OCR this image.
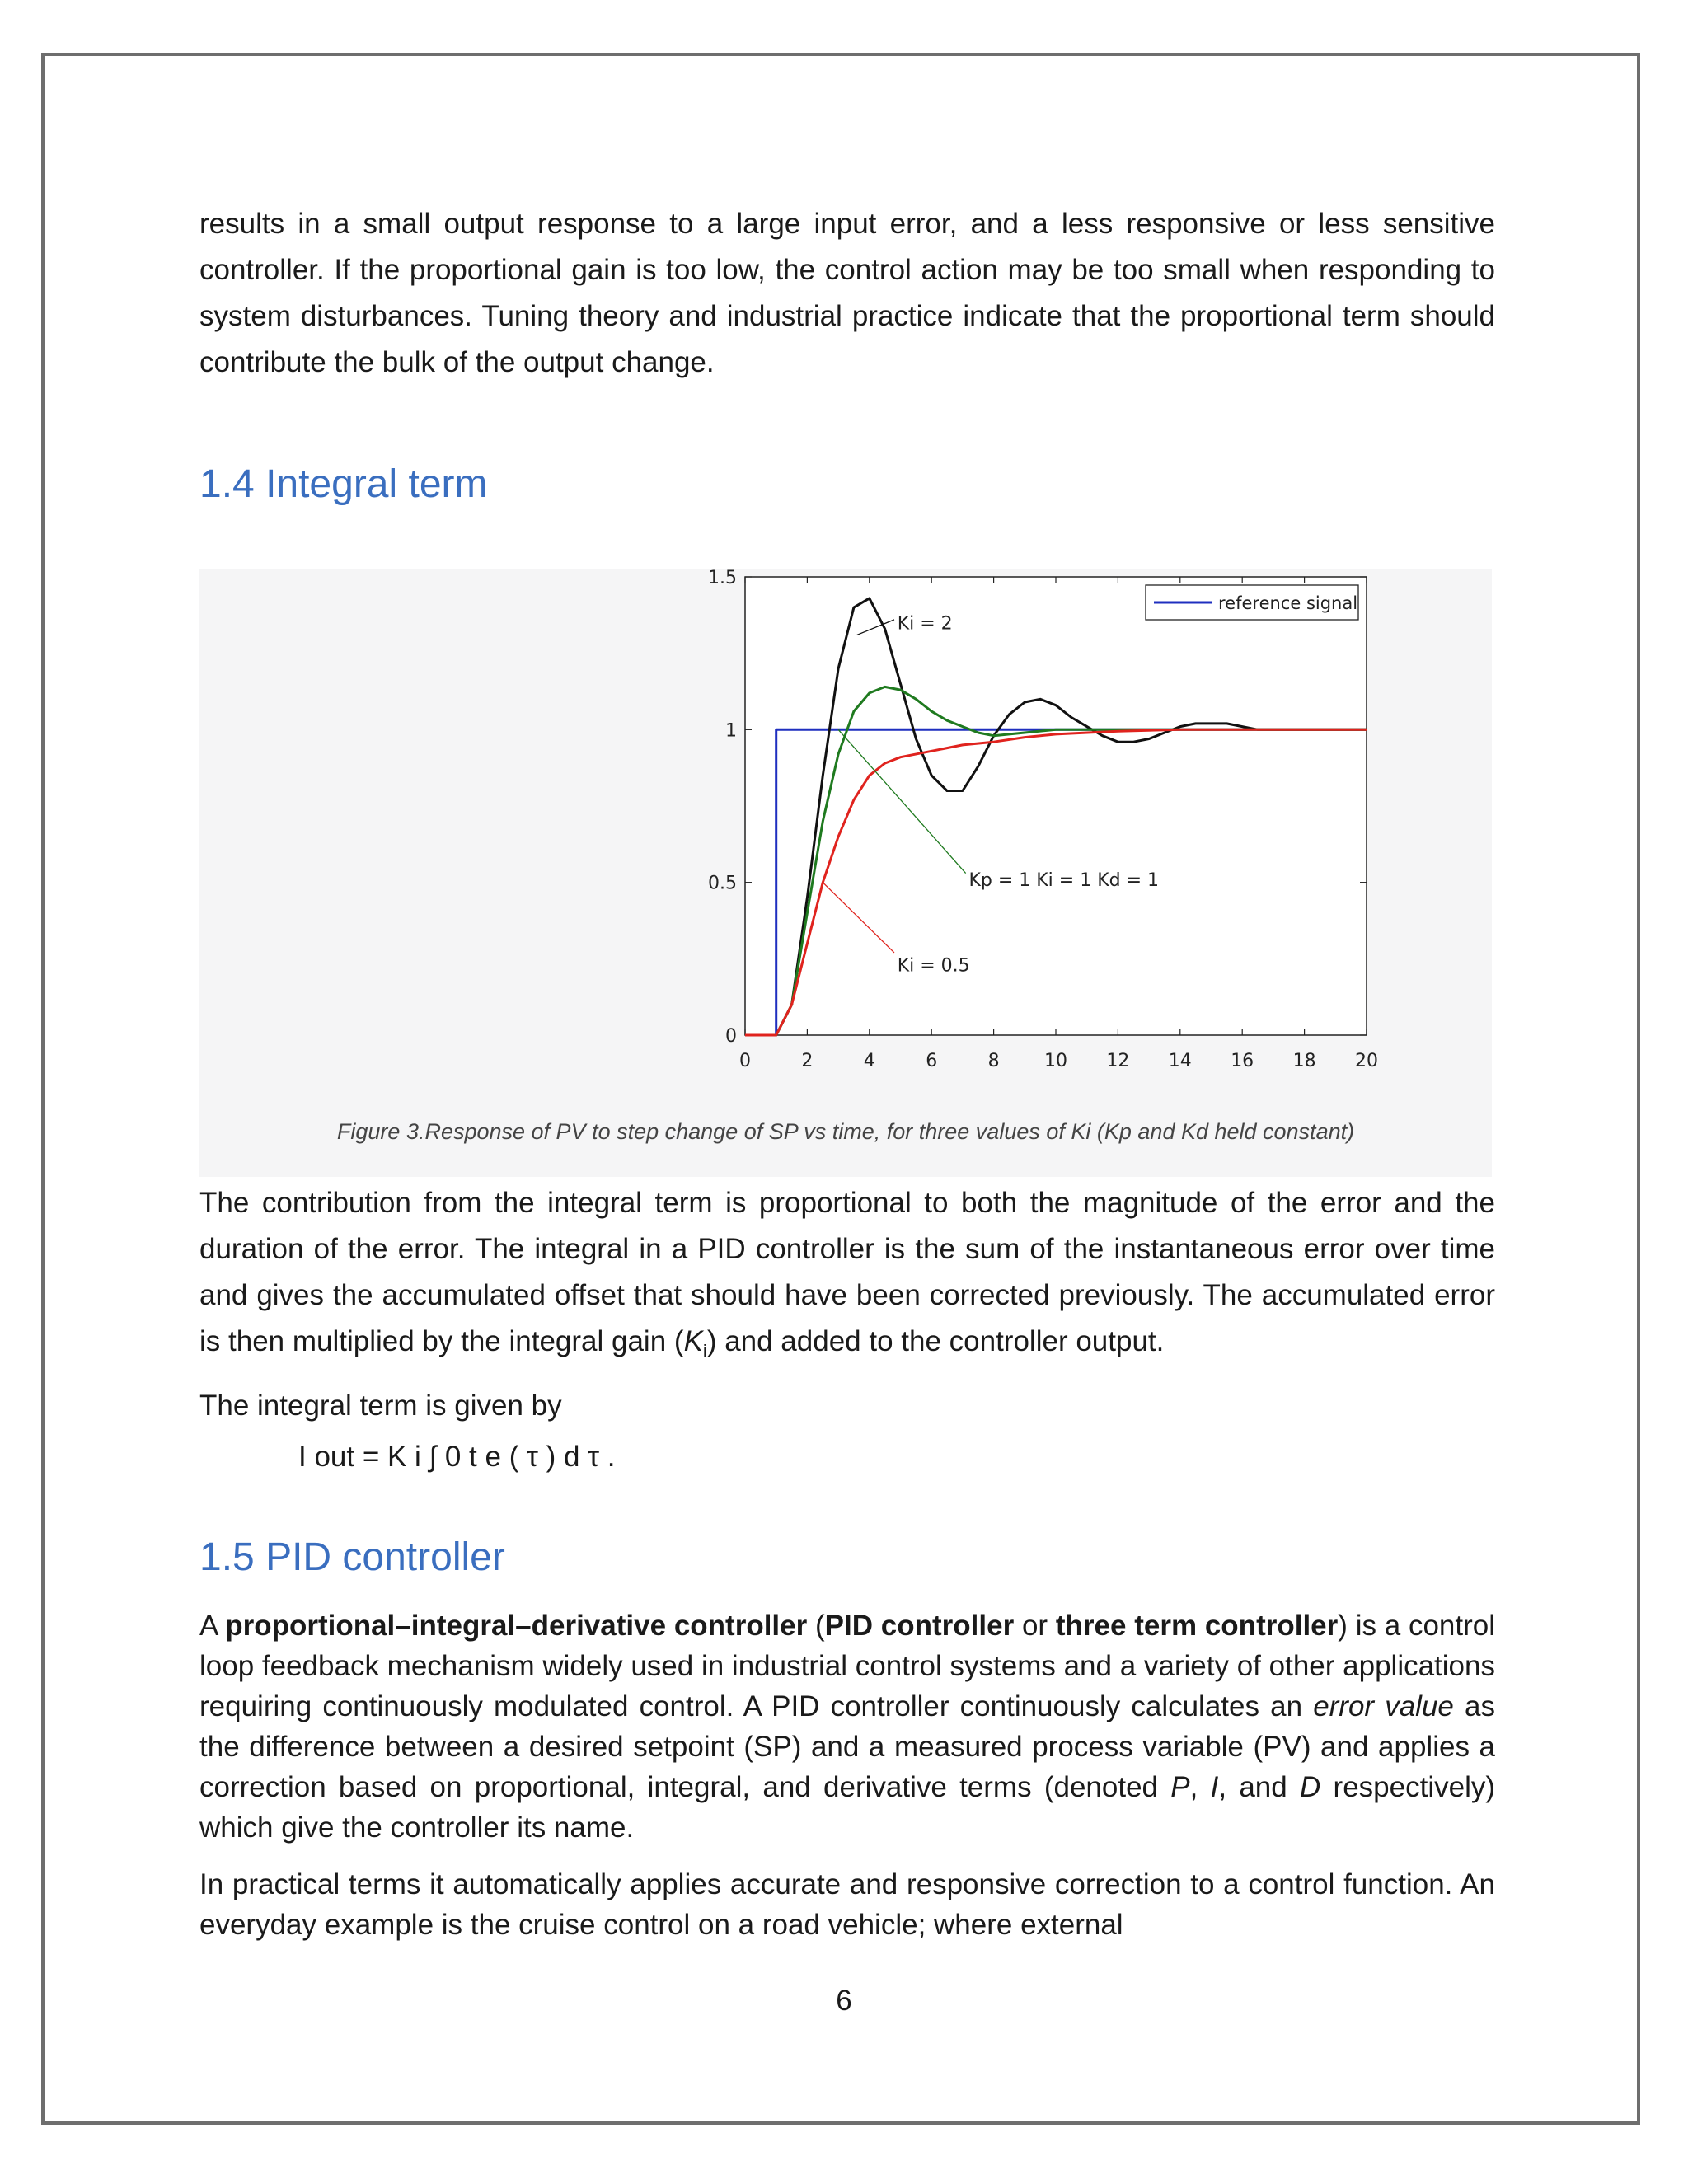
results in a small output response to a large input error, and a less responsive or less sensitive controller. If the proportional gain is too low, the control action may be too small when responding to system disturbances. Tuning theory and industrial practice indicate that the proportional term should contribute the bulk of the output change.

1.4 Integral term
0	2	4	6	8 10 12 14 16 18 20
0
0.5
1
1.5
Ki = 2
Kp = 1 Ki = 1 Kd = 1
Ki = 0.5
reference signal
Figure 3.Response of PV to step change of SP vs time, for three values of Ki (Kp and Kd held constant)

The contribution from the integral term is proportional to both the magnitude of the error and the duration of the error. The integral in a PID controller is the sum of the instantaneous error over time and gives the accumulated offset that should have been corrected previously. The accumulated error is then multiplied by the integral gain $(K_i)$ and added to the controller output.

The integral term is given by

I out = K i ∫ 0 t e ( τ ) d τ .
1.5 PID controller

A proportional–integral–derivative controller (PID controller or three term controller) is a control loop feedback mechanism widely used in industrial control systems and a variety of other applications requiring continuously modulated control. A PID controller continuously calculates an error value as the difference between a desired setpoint (SP) and a measured process variable (PV) and applies a correction based on proportional, integral, and derivative terms (denoted P, I, and D respectively) which give the controller its name.

In practical terms it automatically applies accurate and responsive correction to a control function. An everyday example is the cruise control on a road vehicle; where external

6
